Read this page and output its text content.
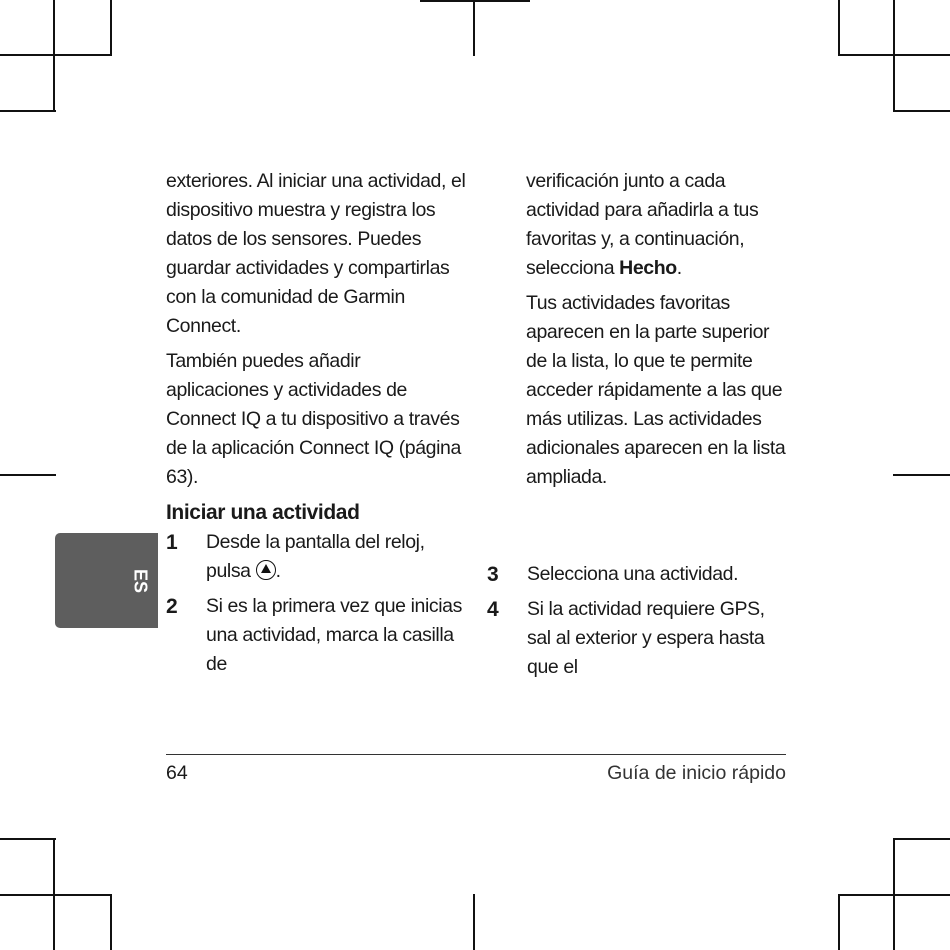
ES

exteriores. Al iniciar una actividad, el dispositivo muestra y registra los datos de los sensores. Puedes guardar actividades y compartirlas con la comunidad de Garmin Connect.

También puedes añadir aplicaciones y actividades de Connect IQ a tu dispositivo a través de la aplicación Connect IQ (página 63).

Iniciar una actividad
1 Desde la pantalla del reloj, pulsa .
2 Si es la primera vez que inicias una actividad, marca la casilla de

verificación junto a cada actividad para añadirla a tus favoritas y, a continuación, selecciona Hecho.

Tus actividades favoritas aparecen en la parte superior de la lista, lo que te permite acceder rápidamente a las que más utilizas. Las actividades adicionales aparecen en la lista ampliada.

3 Selecciona una actividad.
4 Si la actividad requiere GPS, sal al exterior y espera hasta que el
64	Guía de inicio rápido
